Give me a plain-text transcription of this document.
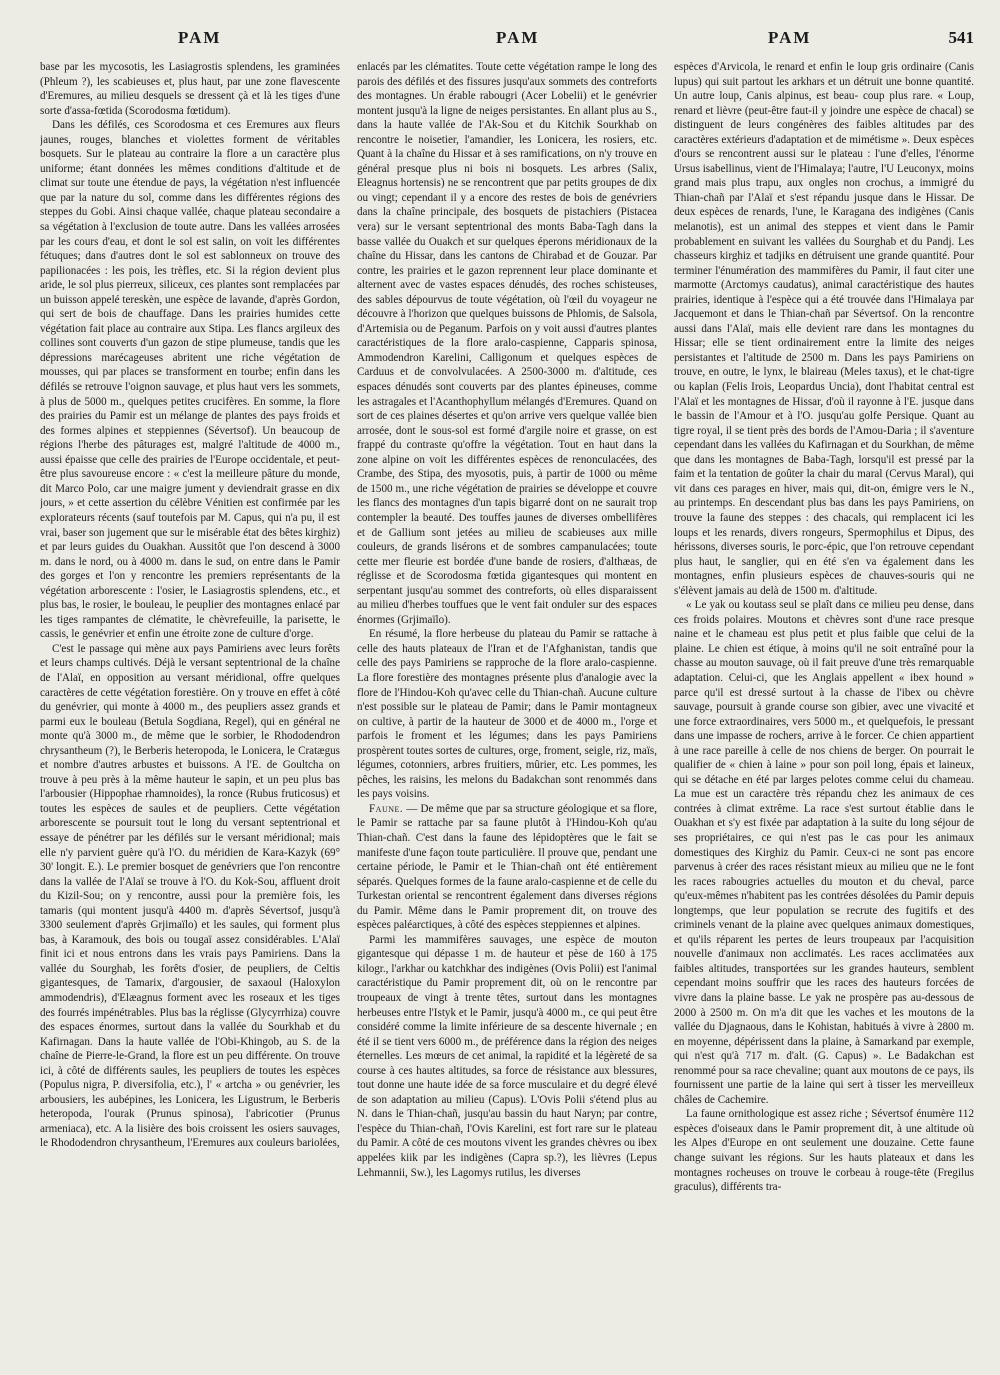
PAM	PAM	PAM	541

base par les mycosotis, les Lasiagrostis splendens, les graminées (Phleum ?), les scabieuses et, plus haut, par une zone flavescente d'Eremures, au milieu desquels se dressent çà et là les tiges d'une sorte d'assa-fœtida (Scorodosma fœtidum).

Dans les défilés, ces Scorodosma et ces Eremures aux fleurs jaunes, rouges, blanches et violettes forment de véritables bosquets. Sur le plateau au contraire la flore a un caractère plus uniforme; étant données les mêmes conditions d'altitude et de climat sur toute une étendue de pays, la végétation n'est influencée que par la nature du sol, comme dans les différentes régions des steppes du Gobi. Ainsi chaque vallée, chaque plateau secondaire a sa végétation à l'exclusion de toute autre. Dans les vallées arrosées par les cours d'eau, et dont le sol est salin, on voit les différentes fétuques; dans d'autres dont le sol est sablonneux on trouve des papilionacées : les pois, les trèfles, etc. Si la région devient plus aride, le sol plus pierreux, siliceux, ces plantes sont remplacées par un buisson appelé tereskèn, une espèce de lavande, d'après Gordon, qui sert de bois de chauffage. Dans les prairies humides cette végétation fait place au contraire aux Stipa. Les flancs argileux des collines sont couverts d'un gazon de stipe plumeuse, tandis que les dépressions marécageuses abritent une riche végétation de mousses, qui par places se transforment en tourbe; enfin dans les défilés se retrouve l'oignon sauvage, et plus haut vers les sommets, à plus de 5000 m., quelques petites crucifères. En somme, la flore des prairies du Pamir est un mélange de plantes des pays froids et des formes alpines et steppiennes (Sévertsof). Un beaucoup de régions l'herbe des pâturages est, malgré l'altitude de 4000 m., aussi épaisse que celle des prairies de l'Europe occidentale, et peut-être plus savoureuse encore : « c'est la meilleure pâture du monde, dit Marco Polo, car une maigre jument y deviendrait grasse en dix jours, » et cette assertion du célèbre Vénitien est confirmée par les explorateurs récents (sauf toutefois par M. Capus, qui n'a pu, il est vrai, baser son jugement que sur le misérable état des bêtes kirghiz) et par leurs guides du Ouakhan. Aussitôt que l'on descend à 3000 m. dans le nord, ou à 4000 m. dans le sud, on entre dans le Pamir des gorges et l'on y rencontre les premiers représentants de la végétation arborescente : l'osier, le Lasiagrostis splendens, etc., et plus bas, le rosier, le bouleau, le peuplier des montagnes enlacé par les tiges rampantes de clématite, le chèvrefeuille, la parisette, le cassis, le genévrier et enfin une étroite zone de culture d'orge.

C'est le passage qui mène aux pays Pamiriens avec leurs forêts et leurs champs cultivés. Déjà le versant septentrional de la chaîne de l'Alaï, en opposition au versant méridional, offre quelques caractères de cette végétation forestière. On y trouve en effet à côté du genévrier, qui monte à 4000 m., des peupliers assez grands et parmi eux le bouleau (Betula Sogdiana, Regel), qui en général ne monte qu'à 3000 m., de même que le sorbier, le Rhododendron chrysantheum (?), le Berberis heteropoda, le Lonicera, le Cratægus et nombre d'autres arbustes et buissons. A l'E. de Goultcha on trouve à peu près à la même hauteur le sapin, et un peu plus bas l'arbousier (Hippophae rhamnoides), la ronce (Rubus fruticosus) et toutes les espèces de saules et de peupliers. Cette végétation arborescente se poursuit tout le long du versant septentrional et essaye de pénétrer par les défilés sur le versant méridional; mais elle n'y parvient guère qu'à l'O. du méridien de Kara-Kazyk (69° 30' longit. E.). Le premier bosquet de genévriers que l'on rencontre dans la vallée de l'Alaï se trouve à l'O. du Kok-Sou, affluent droit du Kizil-Sou; on y rencontre, aussi pour la première fois, les tamaris (qui montent jusqu'à 4400 m. d'après Sévertsof, jusqu'à 3300 seulement d'après Grjimaïlo) et les saules, qui forment plus bas, à Karamouk, des bois ou tougaï assez considérables. L'Alaï finit ici et nous entrons dans les vrais pays Pamiriens. Dans la vallée du Sourghab, les forêts d'osier, de peupliers, de Celtis gigantesques, de Tamarix, d'argousier, de saxaoul (Haloxylon ammodendris), d'Elæagnus forment avec les roseaux et les tiges des fourrés impénétrables. Plus bas la réglisse (Glycyrrhiza) couvre des espaces énormes, surtout dans la vallée du Sourkhab et du Kafirnagan. Dans la haute vallée de l'Obi-Khingob, au S. de la chaîne de Pierre-le-Grand, la flore est un peu différente. On trouve ici, à côté de différents saules, les peupliers de toutes les espèces (Populus nigra, P. diversifolia, etc.), l' « artcha » ou genévrier, les arbousiers, les aubépines, les Lonicera, les Ligustrum, le Berberis heteropoda, l'ourak (Prunus spinosa), l'abricotier (Prunus armeniaca), etc. A la lisière des bois croissent les osiers sauvages, le Rhododendron chrysantheum, l'Eremures aux couleurs bariolées,

enlacés par les clématites. Toute cette végétation rampe le long des parois des défilés et des fissures jusqu'aux sommets des contreforts des montagnes. Un érable rabougri (Acer Lobelii) et le genévrier montent jusqu'à la ligne de neiges persistantes. En allant plus au S., dans la haute vallée de l'Ak-Sou et du Kitchik Sourkhab on rencontre le noisetier, l'amandier, les Lonicera, les rosiers, etc. Quant à la chaîne du Hissar et à ses ramifications, on n'y trouve en général presque plus ni bois ni bosquets. Les arbres (Salix, Eleagnus hortensis) ne se rencontrent que par petits groupes de dix ou vingt; cependant il y a encore des restes de bois de genévriers dans la chaîne principale, des bosquets de pistachiers (Pistacea vera) sur le versant septentrional des monts Baba-Tagh dans la basse vallée du Ouakch et sur quelques éperons méridionaux de la chaîne du Hissar, dans les cantons de Chirabad et de Gouzar. Par contre, les prairies et le gazon reprennent leur place dominante et alternent avec de vastes espaces dénudés, des roches schisteuses, des sables dépourvus de toute végétation, où l'œil du voyageur ne découvre à l'horizon que quelques buissons de Phlomis, de Salsola, d'Artemisia ou de Peganum. Parfois on y voit aussi d'autres plantes caractéristiques de la flore aralo-caspienne, Capparis spinosa, Ammodendron Karelini, Calligonum et quelques espèces de Carduus et de convolvulacées. A 2500-3000 m. d'altitude, ces espaces dénudés sont couverts par des plantes épineuses, comme les astragales et l'Acanthophyllum mélangés d'Eremures. Quand on sort de ces plaines désertes et qu'on arrive vers quelque vallée bien arrosée, dont le sous-sol est formé d'argile noire et grasse, on est frappé du contraste qu'offre la végétation. Tout en haut dans la zone alpine on voit les différentes espèces de renonculacées, des Crambe, des Stipa, des myosotis, puis, à partir de 1000 ou même de 1500 m., une riche végétation de prairies se développe et couvre les flancs des montagnes d'un tapis bigarré dont on ne saurait trop contempler la beauté. Des touffes jaunes de diverses ombellifères et de Gallium sont jetées au milieu de scabieuses aux mille couleurs, de grands lisérons et de sombres campanulacées; toute cette mer fleurie est bordée d'une bande de rosiers, d'althæas, de réglisse et de Scorodosma fœtida gigantesques qui montent en serpentant jusqu'au sommet des contreforts, où elles disparaissent au milieu d'herbes touffues que le vent fait onduler sur des espaces énormes (Grjimaïlo).

En résumé, la flore herbeuse du plateau du Pamir se rattache à celle des hauts plateaux de l'Iran et de l'Afghanistan, tandis que celle des pays Pamiriens se rapproche de la flore aralo-caspienne. La flore forestière des montagnes présente plus d'analogie avec la flore de l'Hindou-Koh qu'avec celle du Thian-chañ. Aucune culture n'est possible sur le plateau de Pamir; dans le Pamir montagneux on cultive, à partir de la hauteur de 3000 et de 4000 m., l'orge et parfois le froment et les légumes; dans les pays Pamiriens prospèrent toutes sortes de cultures, orge, froment, seigle, riz, maïs, légumes, cotonniers, arbres fruitiers, mûrier, etc. Les pommes, les pêches, les raisins, les melons du Badakchan sont renommés dans les pays voisins.

Faune. — De même que par sa structure géologique et sa flore, le Pamir se rattache par sa faune plutôt à l'Hindou-Koh qu'au Thian-chañ. C'est dans la faune des lépidoptères que le fait se manifeste d'une façon toute particulière. Il prouve que, pendant une certaine période, le Pamir et le Thian-chañ ont été entièrement séparés. Quelques formes de la faune aralo-caspienne et de celle du Turkestan oriental se rencontrent également dans diverses régions du Pamir. Même dans le Pamir proprement dit, on trouve des espèces paléarctiques, à côté des espèces steppiennes et alpines.

Parmi les mammifères sauvages, une espèce de mouton gigantesque qui dépasse 1 m. de hauteur et pèse de 160 à 175 kilogr., l'arkhar ou katchkhar des indigènes (Ovis Polii) est l'animal caractéristique du Pamir proprement dit, où on le rencontre par troupeaux de vingt à trente têtes, surtout dans les montagnes herbeuses entre l'Istyk et le Pamir, jusqu'à 4000 m., ce qui peut être considéré comme la limite inférieure de sa descente hivernale ; en été il se tient vers 6000 m., de préférence dans la région des neiges éternelles. Les mœurs de cet animal, la rapidité et la légèreté de sa course à ces hautes altitudes, sa force de résistance aux blessures, tout donne une haute idée de sa force musculaire et du degré élevé de son adaptation au milieu (Capus). L'Ovis Polii s'étend plus au N. dans le Thian-chañ, jusqu'au bassin du haut Naryn; par contre, l'espèce du Thian-chañ, l'Ovis Karelini, est fort rare sur le plateau du Pamir. A côté de ces moutons vivent les grandes chèvres ou ibex appelées kiik par les indigènes (Capra sp.?), les lièvres (Lepus Lehmannii, Sw.), les Lagomys rutilus, les diverses

espèces d'Arvicola, le renard et enfin le loup gris ordinaire (Canis lupus) qui suit partout les arkhars et un détruit une bonne quantité. Un autre loup, Canis alpinus, est beau- coup plus rare. « Loup, renard et lièvre (peut-être faut-il y joindre une espèce de chacal) se distinguent de leurs congénères des faibles altitudes par des caractères extérieurs d'adaptation et de mimétisme ». Deux espèces d'ours se rencontrent aussi sur le plateau : l'une d'elles, l'énorme Ursus isabellinus, vient de l'Himalaya; l'autre, l'U Leuconyx, moins grand mais plus trapu, aux ongles non crochus, a immigré du Thian-chañ par l'Alaï et s'est répandu jusque dans le Hissar. De deux espèces de renards, l'une, le Karagana des indigènes (Canis melanotis), est un animal des steppes et vient dans le Pamir probablement en suivant les vallées du Sourghab et du Pandj. Les chasseurs kirghiz et tadjiks en détruisent une grande quantité. Pour terminer l'énumération des mammifères du Pamir, il faut citer une marmotte (Arctomys caudatus), animal caractéristique des hautes prairies, identique à l'espèce qui a été trouvée dans l'Himalaya par Jacquemont et dans le Thian-chañ par Sévertsof. On la rencontre aussi dans l'Alaï, mais elle devient rare dans les montagnes du Hissar; elle se tient ordinairement entre la limite des neiges persistantes et l'altitude de 2500 m. Dans les pays Pamiriens on trouve, en outre, le lynx, le blaireau (Meles taxus), et le chat-tigre ou kaplan (Felis Irois, Leopardus Uncia), dont l'habitat central est l'Alaï et les montagnes de Hissar, d'où il rayonne à l'E. jusque dans le bassin de l'Amour et à l'O. jusqu'au golfe Persique. Quant au tigre royal, il se tient près des bords de l'Amou-Daria ; il s'aventure cependant dans les vallées du Kafirnagan et du Sourkhan, de même que dans les montagnes de Baba-Tagh, lorsqu'il est pressé par la faim et la tentation de goûter la chair du maral (Cervus Maral), qui vit dans ces parages en hiver, mais qui, dit-on, émigre vers le N., au printemps. En descendant plus bas dans les pays Pamiriens, on trouve la faune des steppes : des chacals, qui remplacent ici les loups et les renards, divers rongeurs, Spermophilus et Dipus, des hérissons, diverses souris, le porc-épic, que l'on retrouve cependant plus haut, le sanglier, qui en été s'en va également dans les montagnes, enfin plusieurs espèces de chauves-souris qui ne s'élèvent jamais au delà de 1500 m. d'altitude.

« Le yak ou koutass seul se plaît dans ce milieu peu dense, dans ces froids polaires. Moutons et chèvres sont d'une race presque naine et le chameau est plus petit et plus faible que celui de la plaine. Le chien est étique, à moins qu'il ne soit entraîné pour la chasse au mouton sauvage, où il fait preuve d'une très remarquable adaptation. Celui-ci, que les Anglais appellent « ibex hound » parce qu'il est dressé surtout à la chasse de l'ibex ou chèvre sauvage, poursuit à grande course son gibier, avec une vivacité et une force extraordinaires, vers 5000 m., et quelquefois, le pressant dans une impasse de rochers, arrive à le forcer. Ce chien appartient à une race pareille à celle de nos chiens de berger. On pourrait le qualifier de « chien à laine » pour son poil long, épais et laineux, qui se détache en été par larges pelotes comme celui du chameau. La mue est un caractère très répandu chez les animaux de ces contrées à climat extrême. La race s'est surtout établie dans le Ouakhan et s'y est fixée par adaptation à la suite du long séjour de ses propriétaires, ce qui n'est pas le cas pour les animaux domestiques des Kirghiz du Pamir. Ceux-ci ne sont pas encore parvenus à créer des races résistant mieux au milieu que ne le font les races rabougries actuelles du mouton et du cheval, parce qu'eux-mêmes n'habitent pas les contrées désolées du Pamir depuis longtemps, que leur population se recrute des fugitifs et des criminels venant de la plaine avec quelques animaux domestiques, et qu'ils réparent les pertes de leurs troupeaux par l'acquisition nouvelle d'animaux non acclimatés. Les races acclimatées aux faibles altitudes, transportées sur les grandes hauteurs, semblent cependant moins souffrir que les races des hauteurs forcées de vivre dans la plaine basse. Le yak ne prospère pas au-dessous de 2000 à 2500 m. On m'a dit que les vaches et les moutons de la vallée du Djagnaous, dans le Kohistan, habitués à vivre à 2800 m. en moyenne, dépérissent dans la plaine, à Samarkand par exemple, qui n'est qu'à 717 m. d'alt. (G. Capus) ». Le Badakchan est renommé pour sa race chevaline; quant aux moutons de ce pays, ils fournissent une partie de la laine qui sert à tisser les merveilleux châles de Cachemire.

La faune ornithologique est assez riche ; Sévertsof énumère 112 espèces d'oiseaux dans le Pamir proprement dit, à une altitude où les Alpes d'Europe en ont seulement une douzaine. Cette faune change suivant les régions. Sur les hauts plateaux et dans les montagnes rocheuses on trouve le corbeau à rouge-tête (Fregilus graculus), différents tra-
